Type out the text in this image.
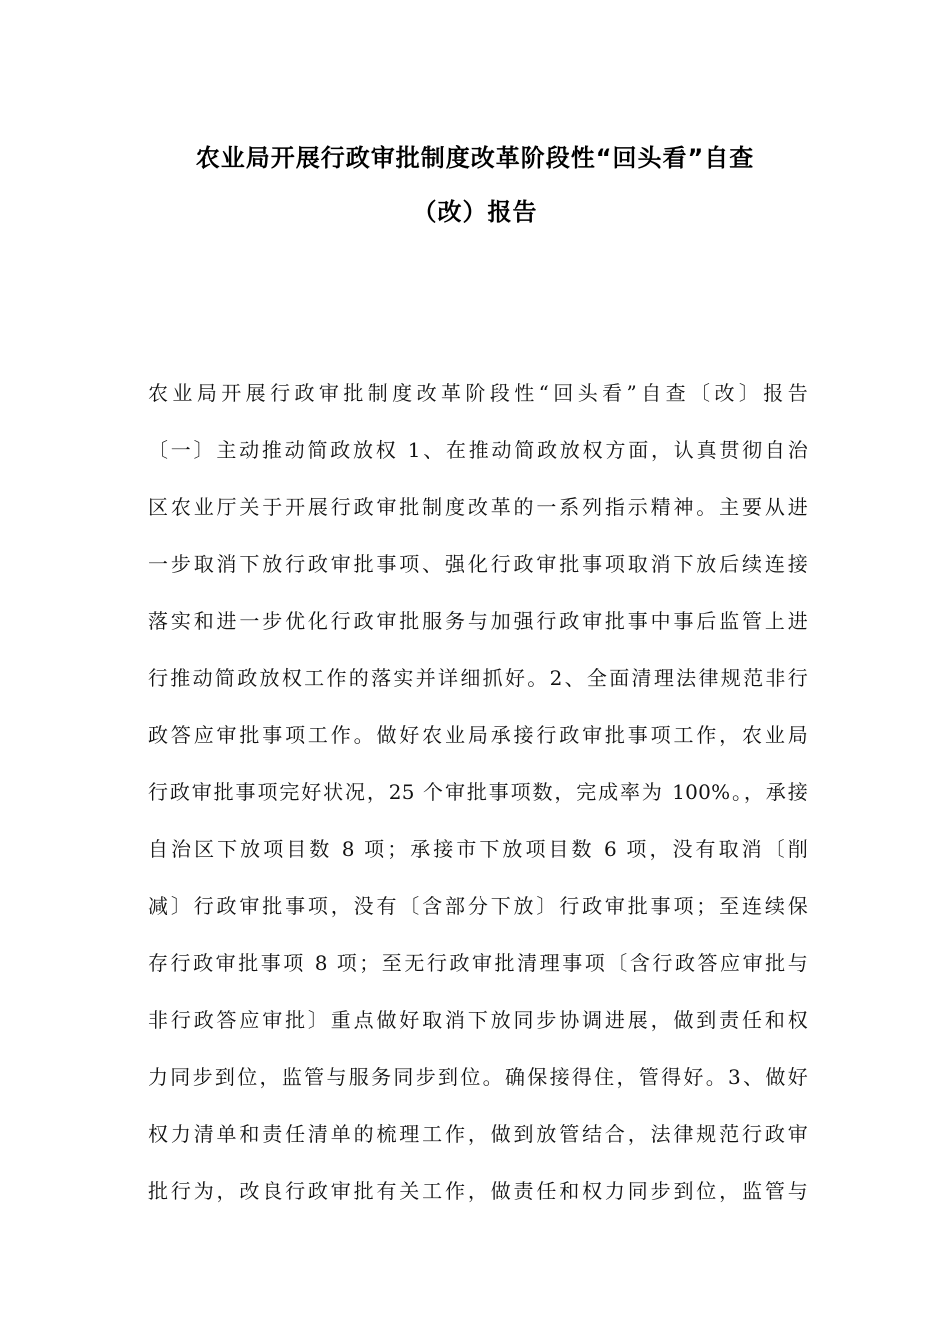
农业局开展行政审批制度改革阶段性“回头看”自查
（改）报告
农业局开展行政审批制度改革阶段性“回头看”自查〔改〕报告
〔一〕主动推动简政放权 1、在推动简政放权方面，认真贯彻自治
区农业厅关于开展行政审批制度改革的一系列指示精神。主要从进
一步取消下放行政审批事项、强化行政审批事项取消下放后续连接
落实和进一步优化行政审批服务与加强行政审批事中事后监管上进
行推动简政放权工作的落实并详细抓好。2、全面清理法律规范非行
政答应审批事项工作。做好农业局承接行政审批事项工作，农业局
行政审批事项完好状况，25 个审批事项数，完成率为 100%。，承接
自治区下放项目数 8 项；承接市下放项目数 6 项，没有取消〔削
减〕行政审批事项，没有〔含部分下放〕行政审批事项；至连续保
存行政审批事项 8 项；至无行政审批清理事项〔含行政答应审批与
非行政答应审批〕重点做好取消下放同步协调进展，做到责任和权
力同步到位，监管与服务同步到位。确保接得住，管得好。3、做好
权力清单和责任清单的梳理工作，做到放管结合，法律规范行政审
批行为，改良行政审批有关工作，做责任和权力同步到位，监管与
